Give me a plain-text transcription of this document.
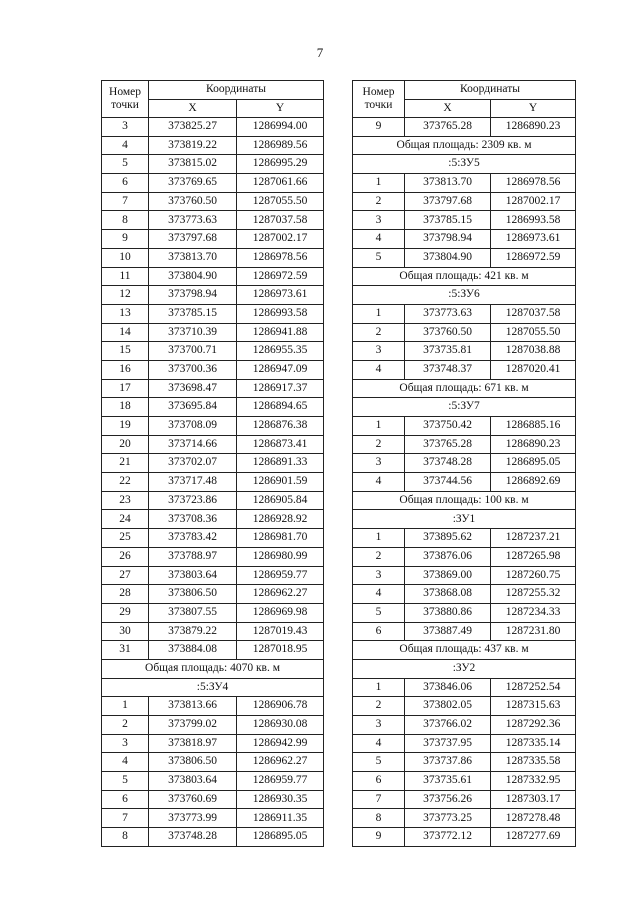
7
Номер
точки	Координаты	
	X	Y
3	373825.27	1286994.00
4	373819.22	1286989.56
5	373815.02	1286995.29
6	373769.65	1287061.66
7	373760.50	1287055.50
8	373773.63	1287037.58
9	373797.68	1287002.17
10	373813.70	1286978.56
11	373804.90	1286972.59
12	373798.94	1286973.61
13	373785.15	1286993.58
14	373710.39	1286941.88
15	373700.71	1286955.35
16	373700.36	1286947.09
17	373698.47	1286917.37
18	373695.84	1286894.65
19	373708.09	1286876.38
20	373714.66	1286873.41
21	373702.07	1286891.33
22	373717.48	1286901.59
23	373723.86	1286905.84
24	373708.36	1286928.92
25	373783.42	1286981.70
26	373788.97	1286980.99
27	373803.64	1286959.77
28	373806.50	1286962.27
29	373807.55	1286969.98
30	373879.22	1287019.43
31	373884.08	1287018.95
Общая площадь: 4070 кв. м		
:5:ЗУ4		
1	373813.66	1286906.78
2	373799.02	1286930.08
3	373818.97	1286942.99
4	373806.50	1286962.27
5	373803.64	1286959.77
6	373760.69	1286930.35
7	373773.99	1286911.35
8	373748.28	1286895.05
Номер
точки	Координаты	
	X	Y
9	373765.28	1286890.23
Общая площадь: 2309 кв. м		
:5:ЗУ5		
1	373813.70	1286978.56
2	373797.68	1287002.17
3	373785.15	1286993.58
4	373798.94	1286973.61
5	373804.90	1286972.59
Общая площадь: 421 кв. м		
:5:ЗУ6		
1	373773.63	1287037.58
2	373760.50	1287055.50
3	373735.81	1287038.88
4	373748.37	1287020.41
Общая площадь: 671 кв. м		
:5:ЗУ7		
1	373750.42	1286885.16
2	373765.28	1286890.23
3	373748.28	1286895.05
4	373744.56	1286892.69
Общая площадь: 100 кв. м		
:ЗУ1		
1	373895.62	1287237.21
2	373876.06	1287265.98
3	373869.00	1287260.75
4	373868.08	1287255.32
5	373880.86	1287234.33
6	373887.49	1287231.80
Общая площадь: 437 кв. м		
:ЗУ2		
1	373846.06	1287252.54
2	373802.05	1287315.63
3	373766.02	1287292.36
4	373737.95	1287335.14
5	373737.86	1287335.58
6	373735.61	1287332.95
7	373756.26	1287303.17
8	373773.25	1287278.48
9	373772.12	1287277.69
